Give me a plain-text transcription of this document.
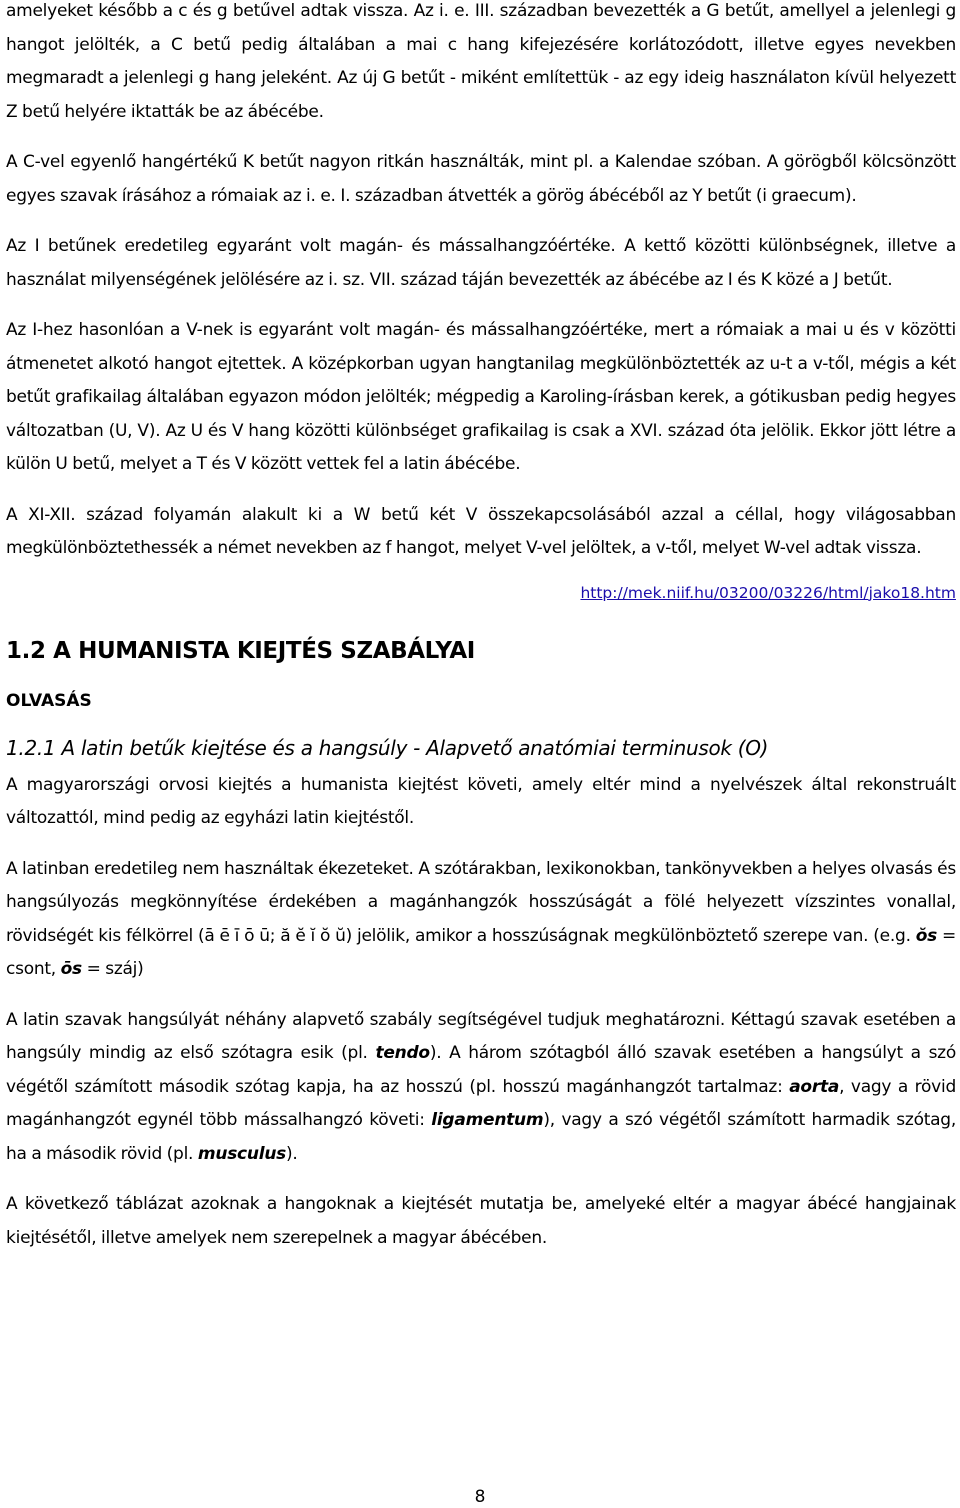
amelyeket később a c és g betűvel adtak vissza. Az i. e. III. században bevezették a G betűt, amellyel a jelenlegi g hangot jelölték, a C betű pedig általában a mai c hang kifejezésére korlátozódott, illetve egyes nevekben megmaradt a jelenlegi g hang jeleként. Az új G betűt - miként említettük - az egy ideig használaton kívül helyezett Z betű helyére iktatták be az ábécébe.

A C-vel egyenlő hangértékű K betűt nagyon ritkán használták, mint pl. a Kalendae szóban. A görögből kölcsönzött egyes szavak írásához a rómaiak az i. e. I. században átvették a görög ábécéből az Y betűt (i graecum).

Az I betűnek eredetileg egyaránt volt magán- és mássalhangzóértéke. A kettő közötti különbségnek, illetve a használat milyenségének jelölésére az i. sz. VII. század táján bevezették az ábécébe az I és K közé a J betűt.

Az I-hez hasonlóan a V-nek is egyaránt volt magán- és mássalhangzóértéke, mert a rómaiak a mai u és v közötti átmenetet alkotó hangot ejtettek. A középkorban ugyan hangtanilag megkülönböztették az u-t a v-től, mégis a két betűt grafikailag általában egyazon módon jelölték; mégpedig a Karoling-írásban kerek, a gótikusban pedig hegyes változatban (U, V). Az U és V hang közötti különbséget grafikailag is csak a XVI. század óta jelölik. Ekkor jött létre a külön U betű, melyet a T és V között vettek fel a latin ábécébe.

A XI-XII. század folyamán alakult ki a W betű két V összekapcsolásából azzal a céllal, hogy világosabban megkülönböztethessék a német nevekben az f hangot, melyet V-vel jelöltek, a v-től, melyet W-vel adtak vissza.

http://mek.niif.hu/03200/03226/html/jako18.htm
1.2 A HUMANISTA KIEJTÉS SZABÁLYAI
OLVASÁS
1.2.1 A latin betűk kiejtése és a hangsúly - Alapvető anatómiai terminusok (O)

A magyarországi orvosi kiejtés a humanista kiejtést követi, amely eltér mind a nyelvészek által rekonstruált változattól, mind pedig az egyházi latin kiejtéstől.

A latinban eredetileg nem használtak ékezeteket. A szótárakban, lexikonokban, tankönyvekben a helyes olvasás és hangsúlyozás megkönnyítése érdekében a magánhangzók hosszúságát a fölé helyezett vízszintes vonallal, rövidségét kis félkörrel (ā ē ī ō ū; ă ĕ ĭ ŏ ŭ) jelölik, amikor a hosszúságnak megkülönböztető szerepe van. (e.g. ŏs = csont, ōs = száj)

A latin szavak hangsúlyát néhány alapvető szabály segítségével tudjuk meghatározni. Kéttagú szavak esetében a hangsúly mindig az első szótagra esik (pl. tendo). A három szótagból álló szavak esetében a hangsúlyt a szó végétől számított második szótag kapja, ha az hosszú (pl. hosszú magánhangzót tartalmaz: aorta, vagy a rövid magánhangzót egynél több mássalhangzó követi: ligamentum), vagy a szó végétől számított harmadik szótag, ha a második rövid (pl. musculus).

A következő táblázat azoknak a hangoknak a kiejtését mutatja be, amelyeké eltér a magyar ábécé hangjainak kiejtésétől, illetve amelyek nem szerepelnek a magyar ábécében.

8
